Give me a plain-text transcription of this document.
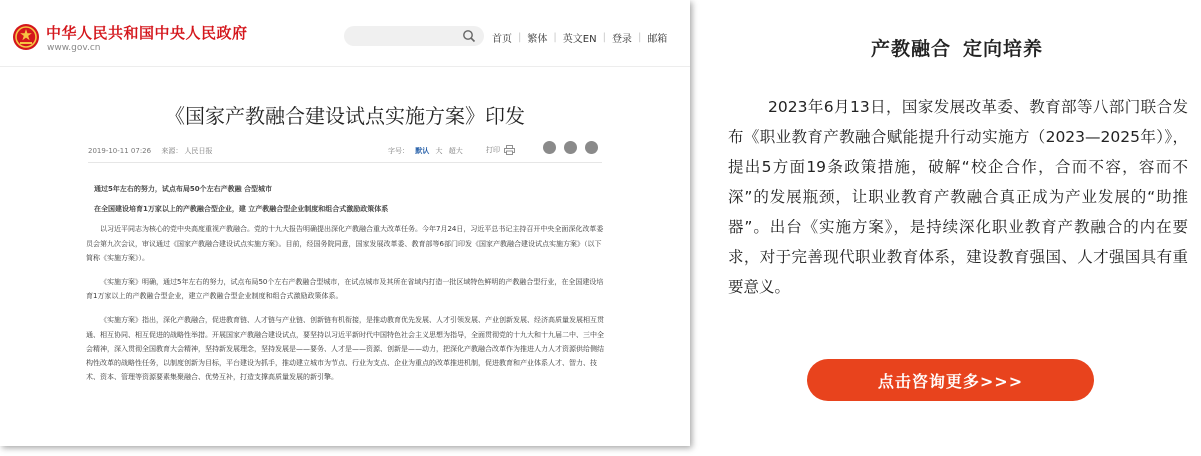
中华人民共和国中央人民政府
www.gov.cn
首页 | 繁体 | 英文EN | 登录 | 邮箱
《国家产教融合建设试点实施方案》印发
2019-10-11 07:26 来源： 人民日报	字号： 默认 大 超大	打印

通过5年左右的努力，试点布局50个左右产教融 合型城市

在全国建设培育1万家以上的产教融合型企业，建 立产教融合型企业制度和组合式激励政策体系

以习近平同志为核心的党中央高度重视产教融合。党的十九大报告明确提出深化产教融合重大改革任务。今年7月24日，习近平总书记主持召开中央全面深化改革委员会第九次会议，审议通过《国家产教融合建设试点实施方案》。目前，经国务院同意，国家发展改革委、教育部等6部门印发《国家产教融合建设试点实施方案》（以下简称《实施方案》）。

《实施方案》明确，通过5年左右的努力，试点布局50个左右产教融合型城市，在试点城市及其所在省域内打造一批区域特色鲜明的产教融合型行业，在全国建设培育1万家以上的产教融合型企业，建立产教融合型企业制度和组合式激励政策体系。

《实施方案》指出，深化产教融合，促进教育链、人才链与产业链、创新链有机衔接，是推动教育优先发展、人才引领发展、产业创新发展、经济高质量发展相互贯通、相互协同、相互促进的战略性举措。开展国家产教融合建设试点，要坚持以习近平新时代中国特色社会主义思想为指导，全面贯彻党的十九大和十九届二中、三中全会精神，深入贯彻全国教育大会精神，坚持新发展理念，坚持发展是——要务、人才是——资源、创新是——动力，把深化产教融合改革作为推进人力人才资源供给侧结构性改革的战略性任务，以制度创新为目标，平台建设为抓手，推动建立城市为节点、行业为支点、企业为重点的改革推进机制，促进教育和产业体系人才、智力、技术、资本、管理等资源要素集聚融合、优势互补，打造支撑高质量发展的新引擎。

产教融合 定向培养
2023年6月13日，国家发展改革委、教育部等八部门联合发布《职业教育产教融合赋能提升行动实施方（2023—2025年）》，提出5方面19条政策措施，破解“校企合作，合而不容，容而不深”的发展瓶颈，让职业教育产教融合真正成为产业发展的“助推器”。出台《实施方案》，是持续深化职业教育产教融合的内在要求，对于完善现代职业教育体系，建设教育强国、人才强国具有重要意义。
点击咨询更多>>>
